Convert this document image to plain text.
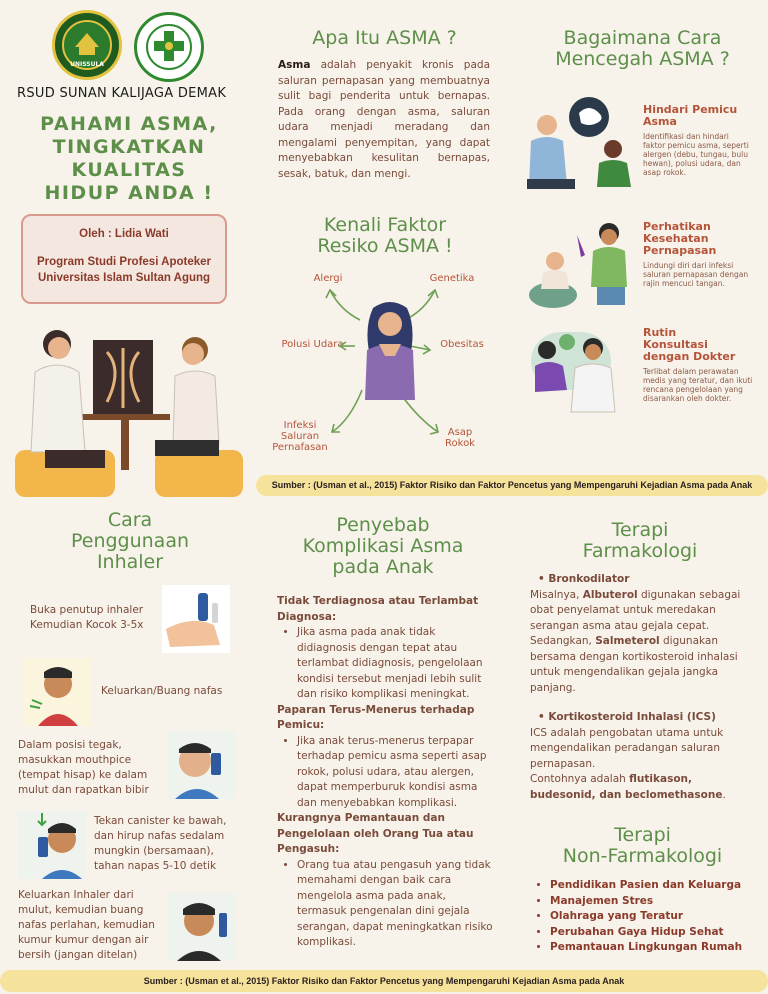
UNISSULA
RSUD SUNAN KALIJAGA DEMAK
PAHAMI ASMA,
TINGKATKAN
KUALITAS
HIDUP ANDA !
Oleh : Lidia Wati
Program Studi Profesi Apoteker
Universitas Islam Sultan Agung
Apa Itu ASMA ?
Asma adalah penyakit kronis pada saluran pernapasan yang membuatnya sulit bagi penderita untuk bernapas. Pada orang dengan asma, saluran udara menjadi meradang dan mengalami penyempitan, yang dapat menyebabkan kesulitan bernapas, sesak, batuk, dan mengi.
Kenali Faktor
Resiko ASMA !
Alergi	Genetika
Polusi Udara	Obesitas
Infeksi
Saluran
Pernafasan
Asap
Rokok
Bagaimana Cara
Mencegah ASMA ?
Hindari Pemicu
Asma
Identifikasi dan hindari faktor pemicu asma, seperti alergen (debu, tungau, bulu hewan), polusi udara, dan asap rokok.
Perhatikan
Kesehatan
Pernapasan
Lindungi diri dari infeksi saluran pernapasan dengan rajin mencuci tangan.
Rutin
Konsultasi
dengan Dokter
Terlibat dalam perawatan medis yang teratur, dan ikuti rencana pengelolaan yang disarankan oleh dokter.
Sumber : (Usman et al., 2015) Faktor Risiko dan Faktor Pencetus yang Mempengaruhi Kejadian Asma pada Anak
Cara
Penggunaan
Inhaler
Buka penutup inhaler Kemudian Kocok 3-5x
Keluarkan/Buang nafas
Dalam posisi tegak, masukkan mouthpice (tempat hisap) ke dalam mulut dan rapatkan bibir
Tekan canister ke bawah, dan hirup nafas sedalam mungkin (bersamaan), tahan napas 5-10 detik
Keluarkan Inhaler dari mulut, kemudian buang nafas perlahan, kemudian kumur kumur dengan air bersih (jangan ditelan)
Penyebab
Komplikasi Asma
pada Anak
Tidak Terdiagnosa atau Terlambat Diagnosa:
• Jika asma pada anak tidak didiagnosis dengan tepat atau terlambat didiagnosis, pengelolaan kondisi tersebut menjadi lebih sulit dan risiko komplikasi meningkat.
Paparan Terus-Menerus terhadap Pemicu:
• Jika anak terus-menerus terpapar terhadap pemicu asma seperti asap rokok, polusi udara, atau alergen, dapat memperburuk kondisi asma dan menyebabkan komplikasi.
Kurangnya Pemantauan dan Pengelolaan oleh Orang Tua atau Pengasuh:
• Orang tua atau pengasuh yang tidak memahami dengan baik cara mengelola asma pada anak, termasuk pengenalan dini gejala serangan, dapat meningkatkan risiko komplikasi.
Terapi
Farmakologi
• Bronkodilator
Misalnya, Albuterol digunakan sebagai obat penyelamat untuk meredakan serangan asma atau gejala cepat. Sedangkan, Salmeterol digunakan bersama dengan kortikosteroid inhalasi untuk mengendalikan gejala jangka panjang.
• Kortikosteroid Inhalasi (ICS)
ICS adalah pengobatan utama untuk mengendalikan peradangan saluran pernapasan.
Contohnya adalah flutikason, budesonid, dan beclomethasone.
Terapi
Non-Farmakologi
• Pendidikan Pasien dan Keluarga
• Manajemen Stres
• Olahraga yang Teratur
• Perubahan Gaya Hidup Sehat
• Pemantauan Lingkungan Rumah
Sumber : (Usman et al., 2015) Faktor Risiko dan Faktor Pencetus yang Mempengaruhi Kejadian Asma pada Anak
